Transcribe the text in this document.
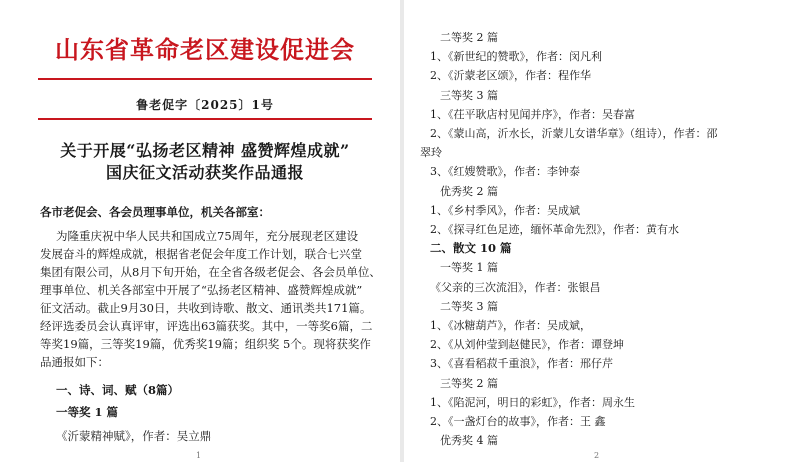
山东省革命老区建设促进会
鲁老促字〔2025〕1号
关于开展“弘扬老区精神 盛赞辉煌成就”
国庆征文活动获奖作品通报
各市老促会、各会员理事单位，机关各部室：
为隆重庆祝中华人民共和国成立75周年，充分展现老区建设
发展奋斗的辉煌成就，根据省老促会年度工作计划，联合七兴堂
集团有限公司，从8月下旬开始，在全省各级老促会、各会员单位、
理事单位、机关各部室中开展了“弘扬老区精神、盛赞辉煌成就”
征文活动。截止9月30日，共收到诗歌、散文、通讯类共171篇。
经评选委员会认真评审，评选出63篇获奖。其中，一等奖6篇，二
等奖19篇，三等奖19篇，优秀奖19篇；组织奖 5个。现将获奖作
品通报如下：
一、诗、词、赋（8篇）
一等奖 1 篇
《沂蒙精神赋》，作者：吴立鼎
1	2
二等奖 2 篇
1、《新世纪的赞歌》，作者：闵凡利
2、《沂蒙老区颂》，作者：程作华
三等奖 3 篇
1、《茌平耿店村见闻并序》，作者：吴春富
2、《蒙山高，沂水长，沂蒙儿女谱华章》（组诗），作者：邵
翠玲
3、《红嫂赞歌》，作者：李钟泰
优秀奖 2 篇
1、《乡村季风》，作者：吴成斌
2、《探寻红色足迹，缅怀革命先烈》，作者：黄有水
二、散文 10 篇
一等奖 1 篇
《父亲的三次流泪》，作者：张银昌
二等奖 3 篇
1、《冰糖葫芦》，作者：吴成斌，
2、《从刘仲莹到赵健民》，作者：谭登坤
3、《喜看稻菽千重浪》，作者：邢仔芹
三等奖 2 篇
1、《陷泥河，明日的彩虹》，作者：周永生
2、《一盏灯台的故事》，作者：王 鑫
优秀奖 4 篇
